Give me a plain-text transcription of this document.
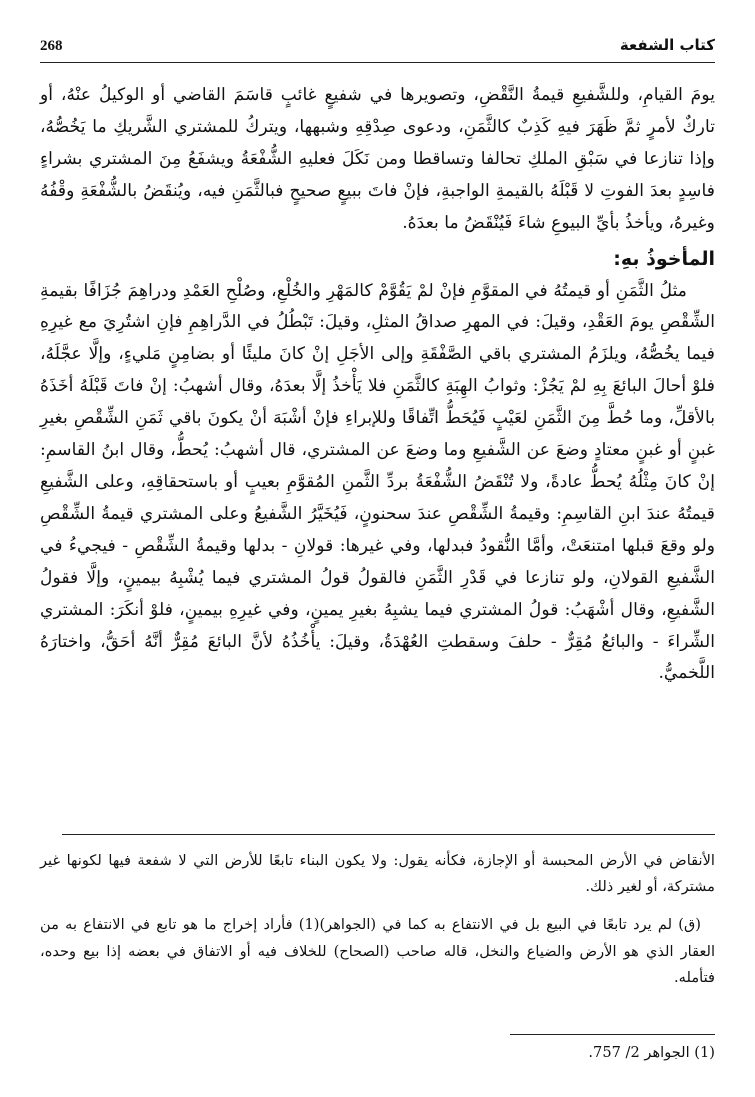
268	كتاب الشفعة

يومَ القيامِ، وللشَّفيعِ قيمةُ النَّقْضِ، وتصويرها في شفيعٍ غائبٍ قاسَمَ القاضي أو الوكيلُ عنْهُ، أو تاركٌ لأمرٍ ثمَّ ظَهَرَ فيهِ كَذِبٌ كالثَّمَنِ، ودعوى صِدْقِهِ وشبهها، ويتركُ للمشتري الشَّريكِ ما يَخُصُّهُ، وإذا تنازعا في سَبْقِ الملكِ تحالفا وتساقطا ومن نَكَلَ فعليهِ الشُّفْعَةُ ويشفَعُ مِنَ المشتري بشراءٍ فاسِدٍ بعدَ الفوتِ لا قَبْلَهُ بالقيمةِ الواجبةِ، فإنْ فاتَ ببيعٍ صحيحٍ فبالثَّمَنِ فيه، ويُنقَضُ بالشُّفْعَةِ وقْفُهُ وغيرهُ، ويأخذُ بأيِّ البيوعِ شاءَ فَيُنْقَضُ ما بعدَهُ.

المأخوذُ بهِ:

مثلُ الثَّمَنِ أو قيمتُهُ في المقوَّمِ فإنْ لمْ يَقُوَّمْ كالمَهْرِ والخُلْعِ، وصُلْحِ العَمْدِ ودراهِمَ جُزَافًا بقيمةِ الشِّقْصِ يومَ العَقْدِ، وقيلَ: في المهرِ صداقُ المثلِ، وقيلَ: تَبْطُلُ في الدَّراهِمِ فإنِ اشتُرِيَ مع غيرِهِ فيما يخُصُّهُ، ويلزَمُ المشتري باقي الصَّفْقَةِ وإلى الأجَلِ إنْ كانَ مليئًا أو بضامِنٍ مَليءٍ، وإلَّا عجَّلَهُ، فلوْ أحالَ البائعَ بِهِ لمْ يَجُزْ: وثوابُ الهِبَةِ كالثَّمَنِ فلا يَأْخذُ إلَّا بعدَهُ، وقال أشهبُ: إنْ فاتَ قَبْلَهُ أخَذَهُ بالأقلِّ، وما حُطَّ مِنَ الثَّمَنِ لعَيْبٍ فَيُحَطُّ اتِّفاقًا وللإبراءِ فإنْ أشْبَهَ أنْ يكونَ باقي ثَمَنِ الشِّقْصِ بغيرِ غبنٍ أو غبنٍ معتادٍ وضعَ عن الشَّفيعِ وما وضعَ عن المشتري، قال أشهبُ: يُحطُّ، وقال ابنُ القاسمِ: إنْ كانَ مِثْلُهُ يُحطُّ عادةً، ولا تُنْقَضُ الشُّفْعَةُ بردِّ الثَّمنِ المُقوَّمِ بعيبٍ أو باستحقاقِهِ، وعلى الشَّفيعِ قيمتُهُ عندَ ابنِ القاسِمِ: وقيمةُ الشِّقْصِ عندَ سحنونٍ، فَيُخَيَّرُ الشَّفيعُ وعلى المشتري قيمةُ الشِّقْصِ ولو وقعَ قبلها امتنعَتْ، وأمَّا النُّقودُ فبدلها، وفي غيرها: قولانِ - بدلها وقيمةُ الشِّقْصِ - فيجيءُ في الشَّفيعِ القولانِ، ولو تنازعا في قَدْرِ الثَّمَنِ فالقولُ قولُ المشتري فيما يُشْبِهُ بيمينٍ، وإلَّا فقولُ الشَّفيعِ، وقال أشْهَبُ: قولُ المشتري فيما يشبِهُ بغيرِ يمينٍ، وفي غيرِهِ بيمينٍ، فلوْ أنكَرَ: المشتري الشِّراءَ - والبائعُ مُقِرٌّ - حلفَ وسقطتِ العُهْدَةُ، وقيلَ: يأْخُذُهُ لأنَّ البائعَ مُقِرٌّ أنَّهُ أحَقُّ، واختارَهُ اللَّخميُّ.

الأنقاض في الأرض المحبسة أو الإجازة، فكأنه يقول: ولا يكون البناء تابعًا للأرض التي لا شفعة فيها لكونها غير مشتركة، أو لغير ذلك.

(ق) لم يرد تابعًا في البيع بل في الانتفاع به كما في (الجواهر)(1) فأراد إخراج ما هو تابع في الانتفاع به من العقار الذي هو الأرض والضياع والنخل، قاله صاحب (الصحاح) للخلاف فيه أو الاتفاق في بعضه إذا بيع وحده، فتأمله.

(1) الجواهر 2/ 757.
